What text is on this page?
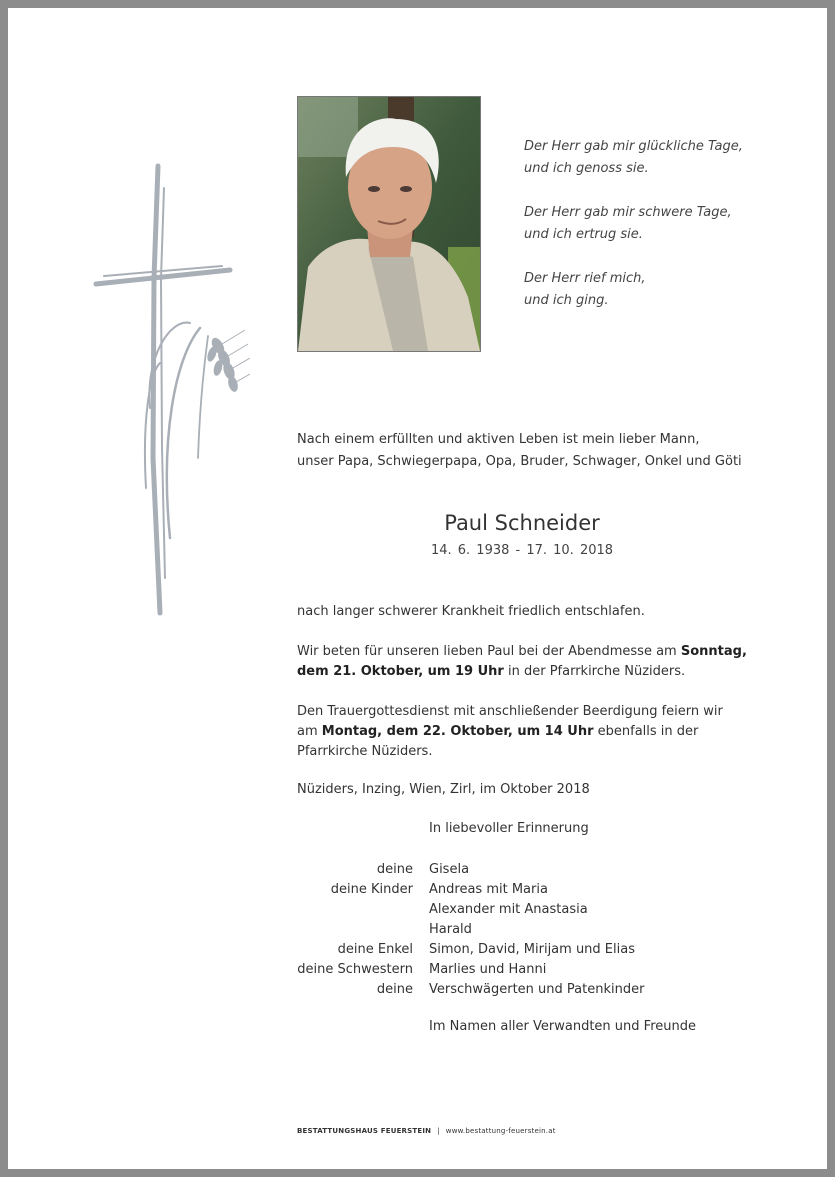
Der Herr gab mir glückliche Tage,
und ich genoss sie.

Der Herr gab mir schwere Tage,
und ich ertrug sie.

Der Herr rief mich,
und ich ging.

Nach einem erfüllten und aktiven Leben ist mein lieber Mann,
unser Papa, Schwiegerpapa, Opa, Bruder, Schwager, Onkel und Göti
Paul Schneider
14. 6. 1938 - 17. 10. 2018
nach langer schwerer Krankheit friedlich entschlafen.
Wir beten für unseren lieben Paul bei der Abendmesse am Sonntag, dem 21. Oktober, um 19 Uhr in der Pfarrkirche Nüziders.
Den Trauergottesdienst mit anschließender Beerdigung feiern wir am Montag, dem 22. Oktober, um 14 Uhr ebenfalls in der Pfarrkirche Nüziders.
Nüziders, Inzing, Wien, Zirl, im Oktober 2018
In liebevoller Erinnerung
deine Gisela
deine Kinder Andreas mit Maria
Alexander mit Anastasia
Harald
deine Enkel Simon, David, Mirijam und Elias
deine Schwestern Marlies und Hanni
deine Verschwägerten und Patenkinder
Im Namen aller Verwandten und Freunde
BESTATTUNGSHAUS FEUERSTEIN | www.bestattung-feuerstein.at
